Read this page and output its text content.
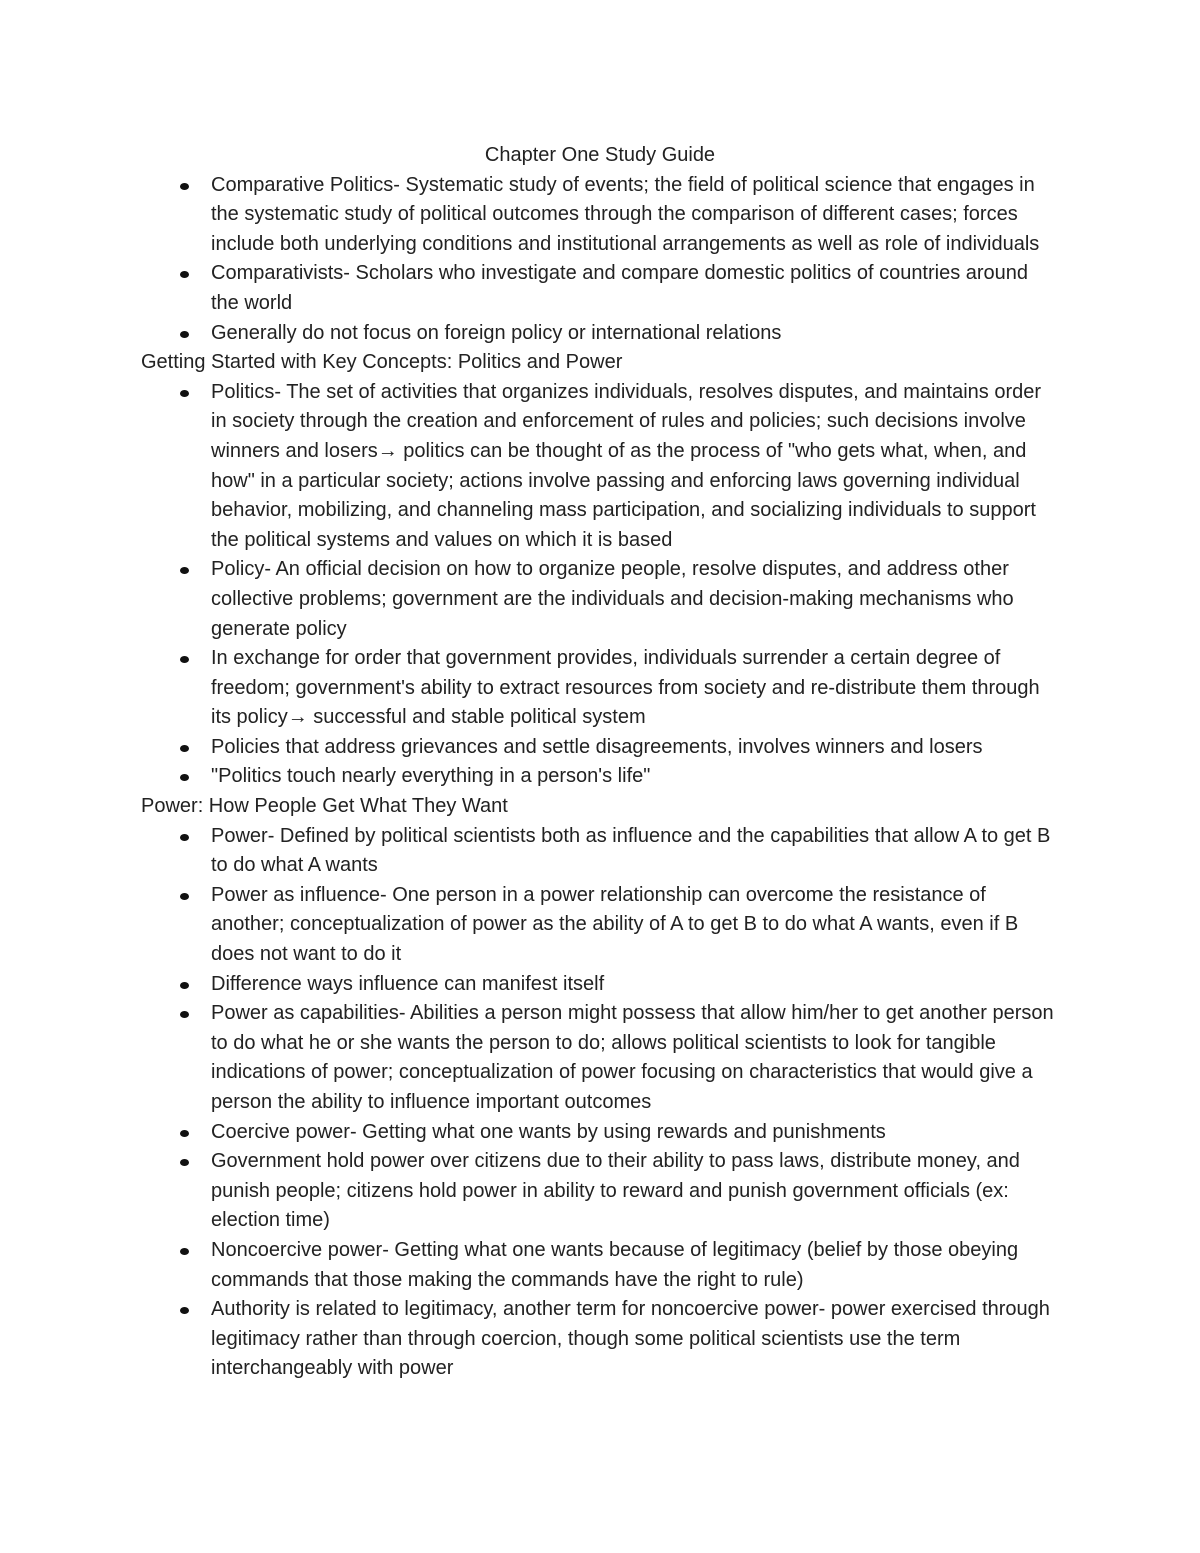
Chapter One Study Guide

Comparative Politics- Systematic study of events; the field of political science that engages in the systematic study of political outcomes through the comparison of different cases; forces include both underlying conditions and institutional arrangements as well as role of individuals
Comparativists- Scholars who investigate and compare domestic politics of countries around the world
Generally do not focus on foreign policy or international relations

Getting Started with Key Concepts: Politics and Power

Politics- The set of activities that organizes individuals, resolves disputes, and maintains order in society through the creation and enforcement of rules and policies; such decisions involve winners and losers→ politics can be thought of as the process of "who gets what, when, and how" in a particular society; actions involve passing and enforcing laws governing individual behavior, mobilizing, and channeling mass participation, and socializing individuals to support the political systems and values on which it is based
Policy- An official decision on how to organize people, resolve disputes, and address other collective problems; government are the individuals and decision-making mechanisms who generate policy
In exchange for order that government provides, individuals surrender a certain degree of freedom; government's ability to extract resources from society and re-distribute them through its policy→ successful and stable political system
Policies that address grievances and settle disagreements, involves winners and losers
"Politics touch nearly everything in a person's life"

Power: How People Get What They Want

Power- Defined by political scientists both as influence and the capabilities that allow A to get B to do what A wants
Power as influence- One person in a power relationship can overcome the resistance of another; conceptualization of power as the ability of A to get B to do what A wants, even if B does not want to do it
Difference ways influence can manifest itself
Power as capabilities- Abilities a person might possess that allow him/her to get another person to do what he or she wants the person to do; allows political scientists to look for tangible indications of power; conceptualization of power focusing on characteristics that would give a person the ability to influence important outcomes
Coercive power- Getting what one wants by using rewards and punishments
Government hold power over citizens due to their ability to pass laws, distribute money, and punish people; citizens hold power in ability to reward and punish government officials (ex: election time)
Noncoercive power- Getting what one wants because of legitimacy (belief by those obeying commands that those making the commands have the right to rule)
Authority is related to legitimacy, another term for noncoercive power- power exercised through legitimacy rather than through coercion, though some political scientists use the term interchangeably with power
